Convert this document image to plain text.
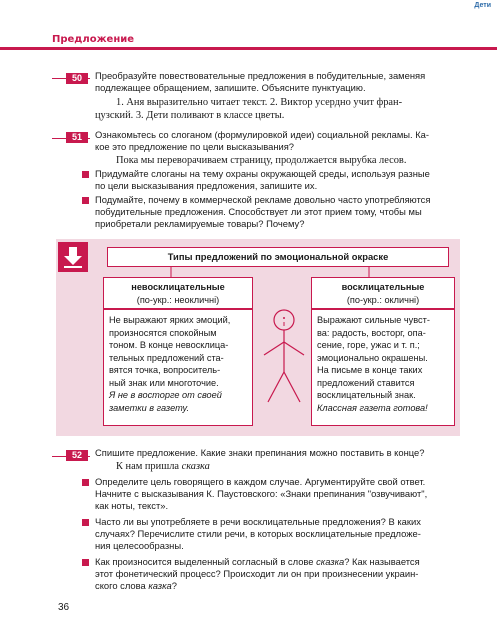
Дети
Предложение
50	Преобразуйте повествовательные предложения в побудительные, заменяя
подлежащее обращением, запишите. Объясните пунктуацию.
1. Аня выразительно читает текст. 2. Виктор усердно учит фран-
цузский. 3. Дети поливают в классе цветы.
51	Ознакомьтесь со слоганом (формулировкой идеи) социальной рекламы. Ка-
кое это предложение по цели высказывания?
Пока мы переворачиваем страницу, продолжается вырубка лесов.
Придумайте слоганы на тему охраны окружающей среды, используя разные
по цели высказывания предложения, запишите их.
Подумайте, почему в коммерческой рекламе довольно часто употребляются
побудительные предложения. Способствует ли этот прием тому, чтобы мы
приобретали рекламируемые товары? Почему?
Типы предложений по эмоциональной окраске
невосклицательные
(по-укр.: неокличні)
Не выражают ярких эмоций,
произносятся спокойным
тоном. В конце невосклица-
тельных предложений ста-
вятся точка, вопроситель-
ный знак или многоточие.
Я не в восторге от своей
заметки в газету.
восклицательные
(по-укр.: окличні)
Выражают сильные чувст-
ва: радость, восторг, опа-
сение, горе, ужас и т. п.;
эмоционально окрашены.
На письме в конце таких
предложений ставится
восклицательный знак.
Классная газета готова!
52	Спишите предложение. Какие знаки препинания можно поставить в конце?
К нам пришла сказка
Определите цель говорящего в каждом случае. Аргументируйте свой ответ.
Начните с высказывания К. Паустовского: «Знаки препинания "озвучивают",
как ноты, текст».
Часто ли вы употребляете в речи восклицательные предложения? В каких
случаях? Перечислите стили речи, в которых восклицательные предложе-
ния целесообразны.
Как произносится выделенный согласный в слове сказка? Как называется
этот фонетический процесс? Происходит ли он при произнесении украин-
ского слова казка?
36
